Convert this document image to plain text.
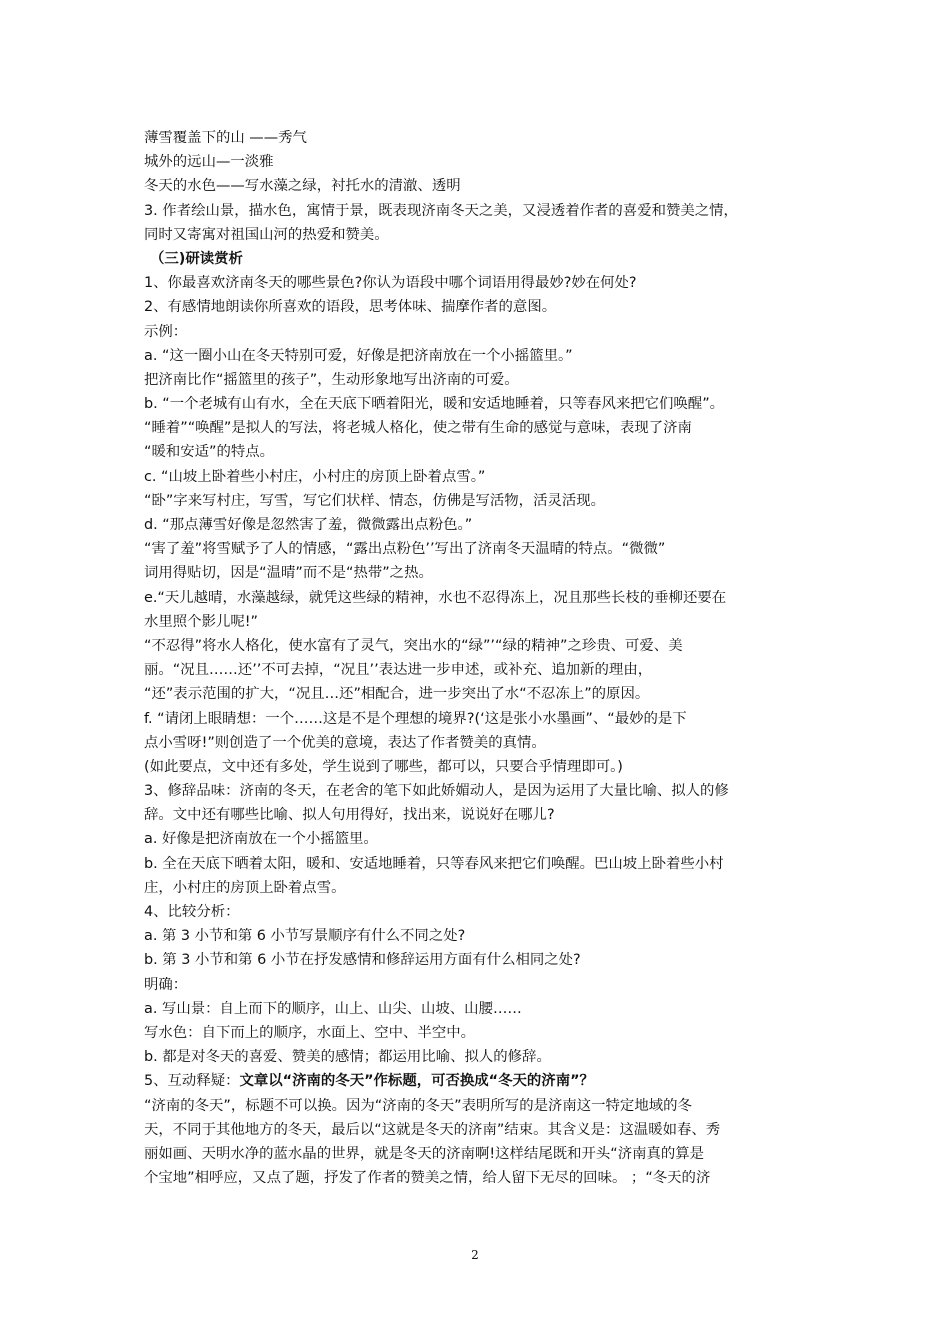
薄雪覆盖下的山 ——秀气
城外的远山—一淡雅
冬天的水色——写水藻之绿，衬托水的清澈、透明
3. 作者绘山景，描水色，寓情于景，既表现济南冬天之美，又浸透着作者的喜爱和赞美之情，
同时又寄寓对祖国山河的热爱和赞美。
（三)研读赏析
1、你最喜欢济南冬天的哪些景色?你认为语段中哪个词语用得最妙?妙在何处?
2、有感情地朗读你所喜欢的语段，思考体味、揣摩作者的意图。
示例：
a. “这一圈小山在冬天特别可爱，好像是把济南放在一个小摇篮里。”
把济南比作“摇篮里的孩子”，生动形象地写出济南的可爱。
b. “一个老城有山有水，全在天底下晒着阳光，暖和安适地睡着，只等春风来把它们唤醒”。
“睡着”“唤醒”是拟人的写法，将老城人格化，使之带有生命的感觉与意味，表现了济南
“暖和安适”的特点。
c. “山坡上卧着些小村庄，小村庄的房顶上卧着点雪。”
“卧”字来写村庄，写雪，写它们状样、情态，仿佛是写活物，活灵活现。
d. “那点薄雪好像是忽然害了羞，微微露出点粉色。”
“害了羞”将雪赋予了人的情感，“露出点粉色’’写出了济南冬天温晴的特点。“微微”
词用得贴切，因是“温晴”而不是“热带”之热。
e.“天儿越晴，水藻越绿，就凭这些绿的精神，水也不忍得冻上，况且那些长枝的垂柳还要在
水里照个影儿呢!”
“不忍得”将水人格化，使水富有了灵气，突出水的“绿”’“绿的精神”之珍贵、可爱、美
丽。“况且……还’’不可去掉，“况且’’表达进一步申述，或补充、追加新的理由，
“还”表示范围的扩大，“况且…还”相配合，进一步突出了水“不忍冻上”的原因。
f. “请闭上眼睛想：一个……这是不是个理想的境界?(‘这是张小水墨画”、“最妙的是下
点小雪呀!”则创造了一个优美的意境，表达了作者赞美的真情。
(如此要点，文中还有多处，学生说到了哪些，都可以，只要合乎情理即可。)
3、修辞品味：济南的冬天，在老舍的笔下如此娇媚动人，是因为运用了大量比喻、拟人的修
辞。文中还有哪些比喻、拟人句用得好，找出来，说说好在哪儿?
a. 好像是把济南放在一个小摇篮里。
b. 全在天底下晒着太阳，暖和、安适地睡着，只等春风来把它们唤醒。巴山坡上卧着些小村
庄，小村庄的房顶上卧着点雪。
4、比较分析：
a. 第 3 小节和第 6 小节写景顺序有什么不同之处?
b. 第 3 小节和第 6 小节在抒发感情和修辞运用方面有什么相同之处?
明确：
a. 写山景：自上而下的顺序，山上、山尖、山坡、山腰……
写水色：自下而上的顺序，水面上、空中、半空中。
b. 都是对冬天的喜爱、赞美的感情；都运用比喻、拟人的修辞。
5、互动释疑：文章以“济南的冬天”作标题，可否换成“冬天的济南”？
“济南的冬天”，标题不可以换。因为“济南的冬天”表明所写的是济南这一特定地域的冬
天，不同于其他地方的冬天，最后以“这就是冬天的济南”结束。其含义是：这温暖如春、秀
丽如画、天明水净的蓝水晶的世界，就是冬天的济南啊!这样结尾既和开头“济南真的算是
个宝地”相呼应，又点了题，抒发了作者的赞美之情，给人留下无尽的回味。 ；“冬天的济
2
